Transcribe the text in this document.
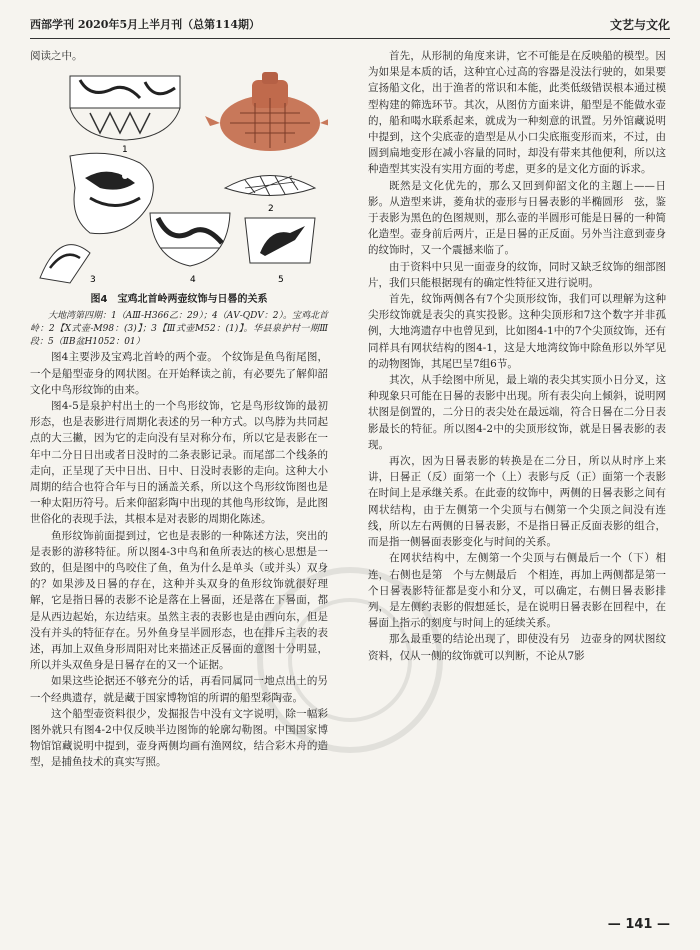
西部学刊 2020年5月上半月刊（总第114期）	文艺与文化

阅读之中。

3	4	5
1
2
图4　宝鸡北首岭两壶纹饰与日晷的关系

大地湾第四期：1（AⅢ-H366乙：29）；4（AⅤ-QDV：2）。宝鸡北首岭：2【X式壶-M98：(3)】；3【Ⅲ式壶M52：(1)】。华县泉护村一期Ⅲ段：5（ⅡB盆H1052：01）

图4主要涉及宝鸡北首岭的两个壶。 个纹饰是鱼鸟衔尾图，一个是船型壶身的网状图。在开始释读之前，有必要先了解仰韶文化中鸟形纹饰的由来。

图4-5是泉护村出土的一个鸟形纹饰，它是鸟形纹饰的最初形态，也是表影进行周期化表述的另一种方式。以鸟脖为共同起点的大三撇，因为它的走向没有呈对称分布，所以它是表影在一年中二分日日出或者日没时的二条表影记录。而尾部二个线条的走向，正呈现了天中日出、日中、日没时表影的走向。这种大小周期的结合也符合年与日的涵盖关系，所以这个鸟形纹饰图也是一种太阳历符号。后来仰韶彩陶中出现的其他鸟形纹饰，是此图世俗化的表现手法，其根本是对表影的周期化陈述。

鱼形纹饰前面提到过，它也是表影的一种陈述方法，突出的是表影的游移特征。所以图4-3中鸟和鱼所表达的核心思想是一致的，但是图中的鸟咬住了鱼，鱼为什么是单头（或并头）双身的？如果涉及日晷的存在，这种并头双身的鱼形纹饰就很好理解，它是指日晷的表影不论是落在上晷面，还是落在下晷面，都是从西边起始，东边结束。虽然主表的表影也是由西向东，但是没有并头的特征存在。另外鱼身呈半圆形态，也在排斥主表的表述，再加上双鱼身形周阳对比来描述正反晷面的意图十分明显，所以并头双鱼身是日晷存在的又一个证据。

如果这些论据还不够充分的话，再看同属同一地点出土的另一个经典遗存，就是藏于国家博物馆的所谓的船型彩陶壶。

这个船型壶资料很少，发掘报告中没有文字说明，除一幅彩图外就只有图4-2中仅反映半边图饰的轮廓勾勒图。中国国家博物馆馆藏说明中提到，壶身两侧均画有渔网纹，结合彩木舟的造型，是捕鱼技术的真实写照。

首先，从形制的角度来讲，它不可能是在反映船的模型。因为如果是本质的话，这种宜心过高的容器是没法行驶的，如果要宣扬船文化，出于渔者的常识和本能，此类低级错误根本通过模型构建的筛选环节。其次，从图仿方面来讲，船型是不能做水壶的，船和喝水联系起来，就成为一种刻意的讯置。另外馆藏说明中提到，这个尖底壶的造型是从小口尖底瓶变形而来，不过，由圆到扁地变形在减小容量的同时，却没有带来其他便利，所以这种造型其实没有实用方面的考虑，更多的是文化方面的诉求。

既然是文化优先的，那么又回到仰韶文化的主题上——日影。从造型来讲，菱角状的壶形与日晷表影的半椭圆形　弦，鉴于表影为黑色的色图规则，那么壶的半圆形可能是日晷的一种简化造型。壶身前后两片，正是日晷的正反面。另外当注意到壶身的纹饰时，又一个震撼来临了。

由于资料中只见一面壶身的纹饰，同时又缺乏纹饰的细部图片，我们只能根据现有的确定性特征又进行说明。

首先，纹饰两侧各有7个尖顶形纹饰，我们可以理解为这种尖形纹饰就是表尖的真实投影。这种尖顶形和7这个数字并非孤例，大地湾遗存中也曾见到，比如图4-1中的7个尖顶纹饰，还有同样具有网状结构的图4-1，这是大地湾纹饰中除鱼形以外罕见的动物图饰，其尾巴呈7组6节。

其次，从手绘图中所见，最上端的表尖其实顶小日分叉，这种现象只可能在日晷的表影中出现。所有表尖向上倾斜，说明网状图是倒置的，二分日的表尖处在最远端，符合日晷在二分日表影最长的特征。所以图4-2中的尖顶形纹饰，就是日晷表影的表现。

再次，因为日晷表影的转换是在二分日，所以从时序上来讲，日晷正（反）面第一个（上）表影与反（正）面第一个表影在时间上是承继关系。在此壶的纹饰中，两侧的日晷表影之间有网状结构，由于左侧第一个尖顶与右侧第一个尖顶之间没有连线，所以左右两侧的日晷表影，不是指日晷正反面表影的组合，而是指一侧晷面表影变化与时间的关系。

在网状结构中，左侧第一个尖顶与右侧最后一个（下）相连，右侧也是第　个与左侧最后　个相连，再加上两侧都是第一个日晷表影特征都是变小和分叉，可以确定，右侧日晷表影排列，是左侧约表影的假想延长，是在说明日晷表影在回程中，在晷面上指示的刻度与时间上的延续关系。

那么最重要的结论出现了，即使没有另　边壶身的网状图纹资料，仅从一侧的纹饰就可以判断，不论从7影

— 141 —
